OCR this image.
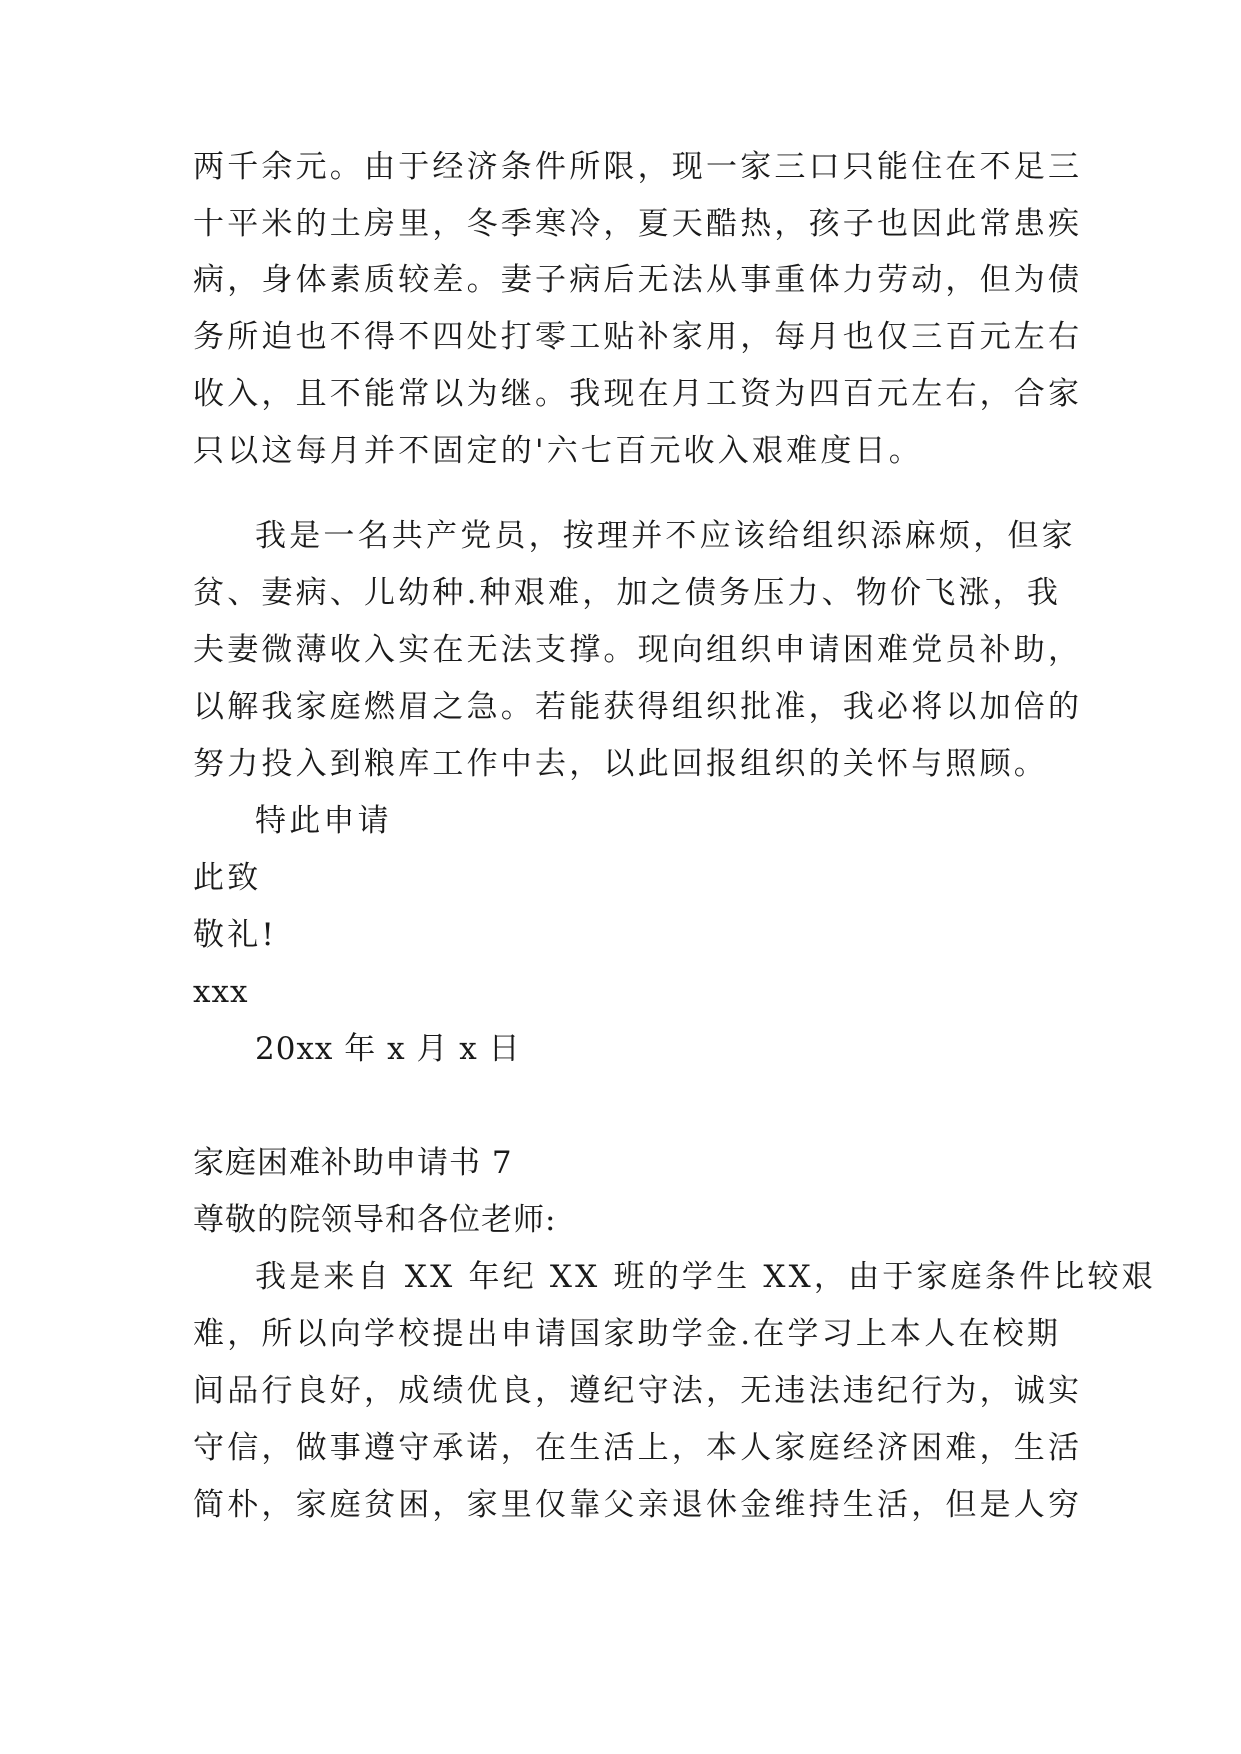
两千余元。由于经济条件所限，现一家三口只能住在不足三

十平米的土房里，冬季寒冷，夏天酷热，孩子也因此常患疾

病，身体素质较差。妻子病后无法从事重体力劳动，但为债

务所迫也不得不四处打零工贴补家用，每月也仅三百元左右

收入，且不能常以为继。我现在月工资为四百元左右，合家

只以这每月并不固定的'六七百元收入艰难度日。

我是一名共产党员，按理并不应该给组织添麻烦，但家

贫、妻病、儿幼种.种艰难，加之债务压力、物价飞涨，我

夫妻微薄收入实在无法支撑。现向组织申请困难党员补助，

以解我家庭燃眉之急。若能获得组织批准，我必将以加倍的

努力投入到粮库工作中去，以此回报组织的关怀与照顾。

特此申请

此致

敬礼!

xxx

20xx 年 x 月 x 日

家庭困难补助申请书 7

尊敬的院领导和各位老师:

我是来自 XX 年纪 XX 班的学生 XX，由于家庭条件比较艰

难，所以向学校提出申请国家助学金.在学习上本人在校期

间品行良好，成绩优良，遵纪守法，无违法违纪行为，诚实

守信，做事遵守承诺，在生活上，本人家庭经济困难，生活

简朴，家庭贫困，家里仅靠父亲退休金维持生活，但是人穷
